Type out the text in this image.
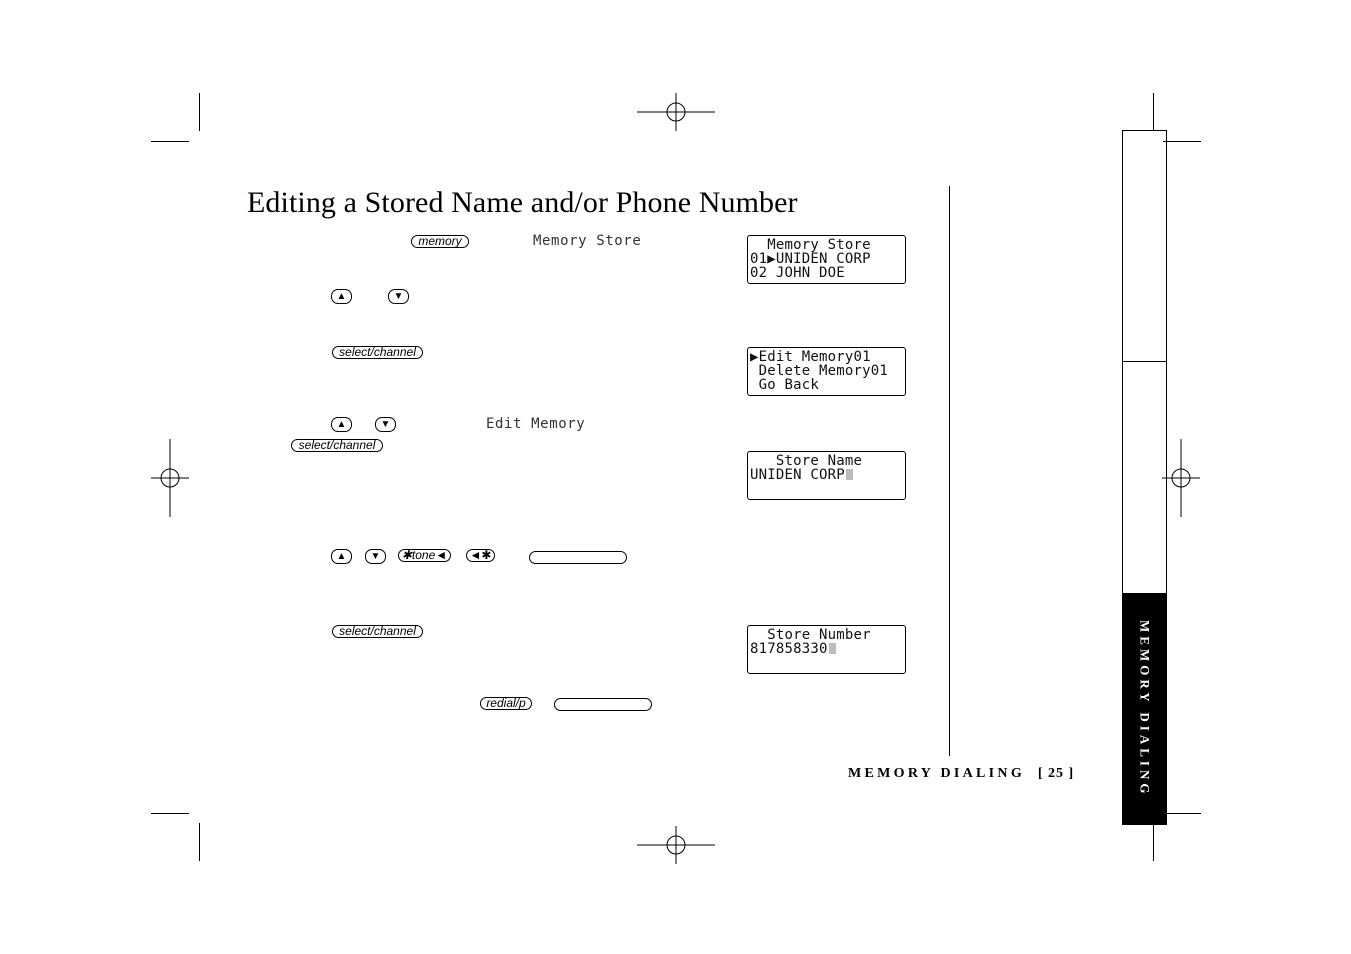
Editing a Stored Name and/or Phone Number
memory	Memory Store
▲	▼
select/channel
▲	▼	Edit Memory
select/channel
▲	▼	✱tone◄	◄✱
select/channel
redial/p
Memory Store
01▶UNIDEN CORP
02 JOHN DOE
▶Edit Memory01
Delete Memory01
Go Back
Store Name
UNIDEN CORP
Store Number
817858330	MEMORY DIALING
MEMORY DIALING [ 25 ]
